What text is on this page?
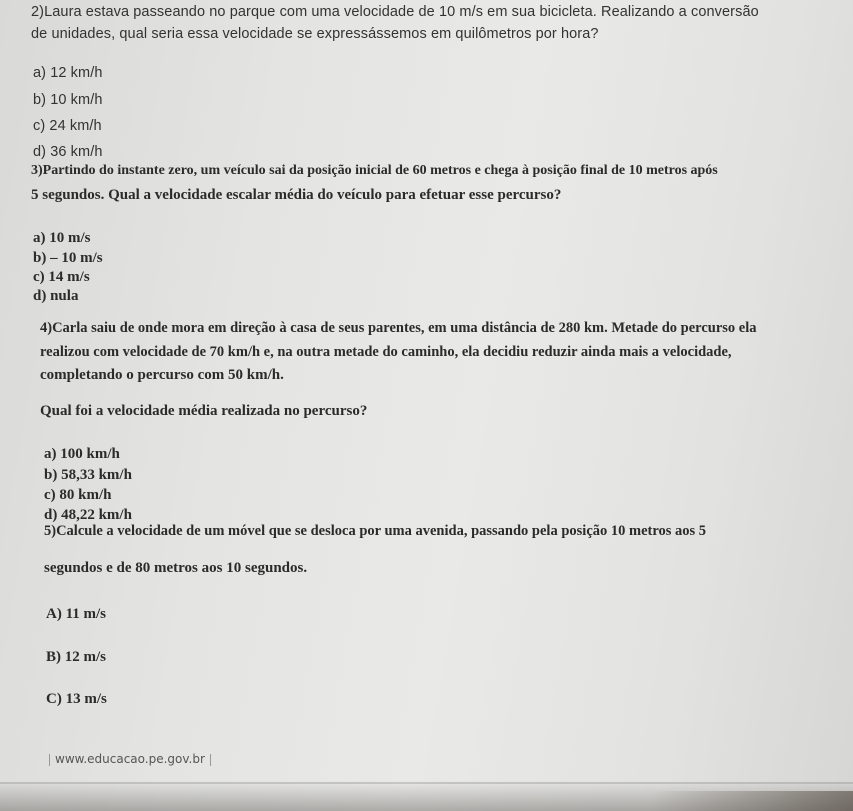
2)Laura estava passeando no parque com uma velocidade de 10 m/s em sua bicicleta. Realizando a conversão
de unidades, qual seria essa velocidade se expressássemos em quilômetros por hora?
a) 12 km/h
b) 10 km/h
c) 24 km/h
d) 36 km/h
3)Partindo do instante zero, um veículo sai da posição inicial de 60 metros e chega à posição final de 10 metros após
5 segundos. Qual a velocidade escalar média do veículo para efetuar esse percurso?
a) 10 m/s
b) – 10 m/s
c) 14 m/s
d) nula
4)Carla saiu de onde mora em direção à casa de seus parentes, em uma distância de 280 km. Metade do percurso ela
realizou com velocidade de 70 km/h e, na outra metade do caminho, ela decidiu reduzir ainda mais a velocidade,
completando o percurso com 50 km/h.
Qual foi a velocidade média realizada no percurso?
a) 100 km/h
b) 58,33 km/h
c) 80 km/h
d) 48,22 km/h
5)Calcule a velocidade de um móvel que se desloca por uma avenida, passando pela posição 10 metros aos 5
segundos e de 80 metros aos 10 segundos.
A) 11 m/s
B) 12 m/s
C) 13 m/s
www.educacao.pe.gov.br
